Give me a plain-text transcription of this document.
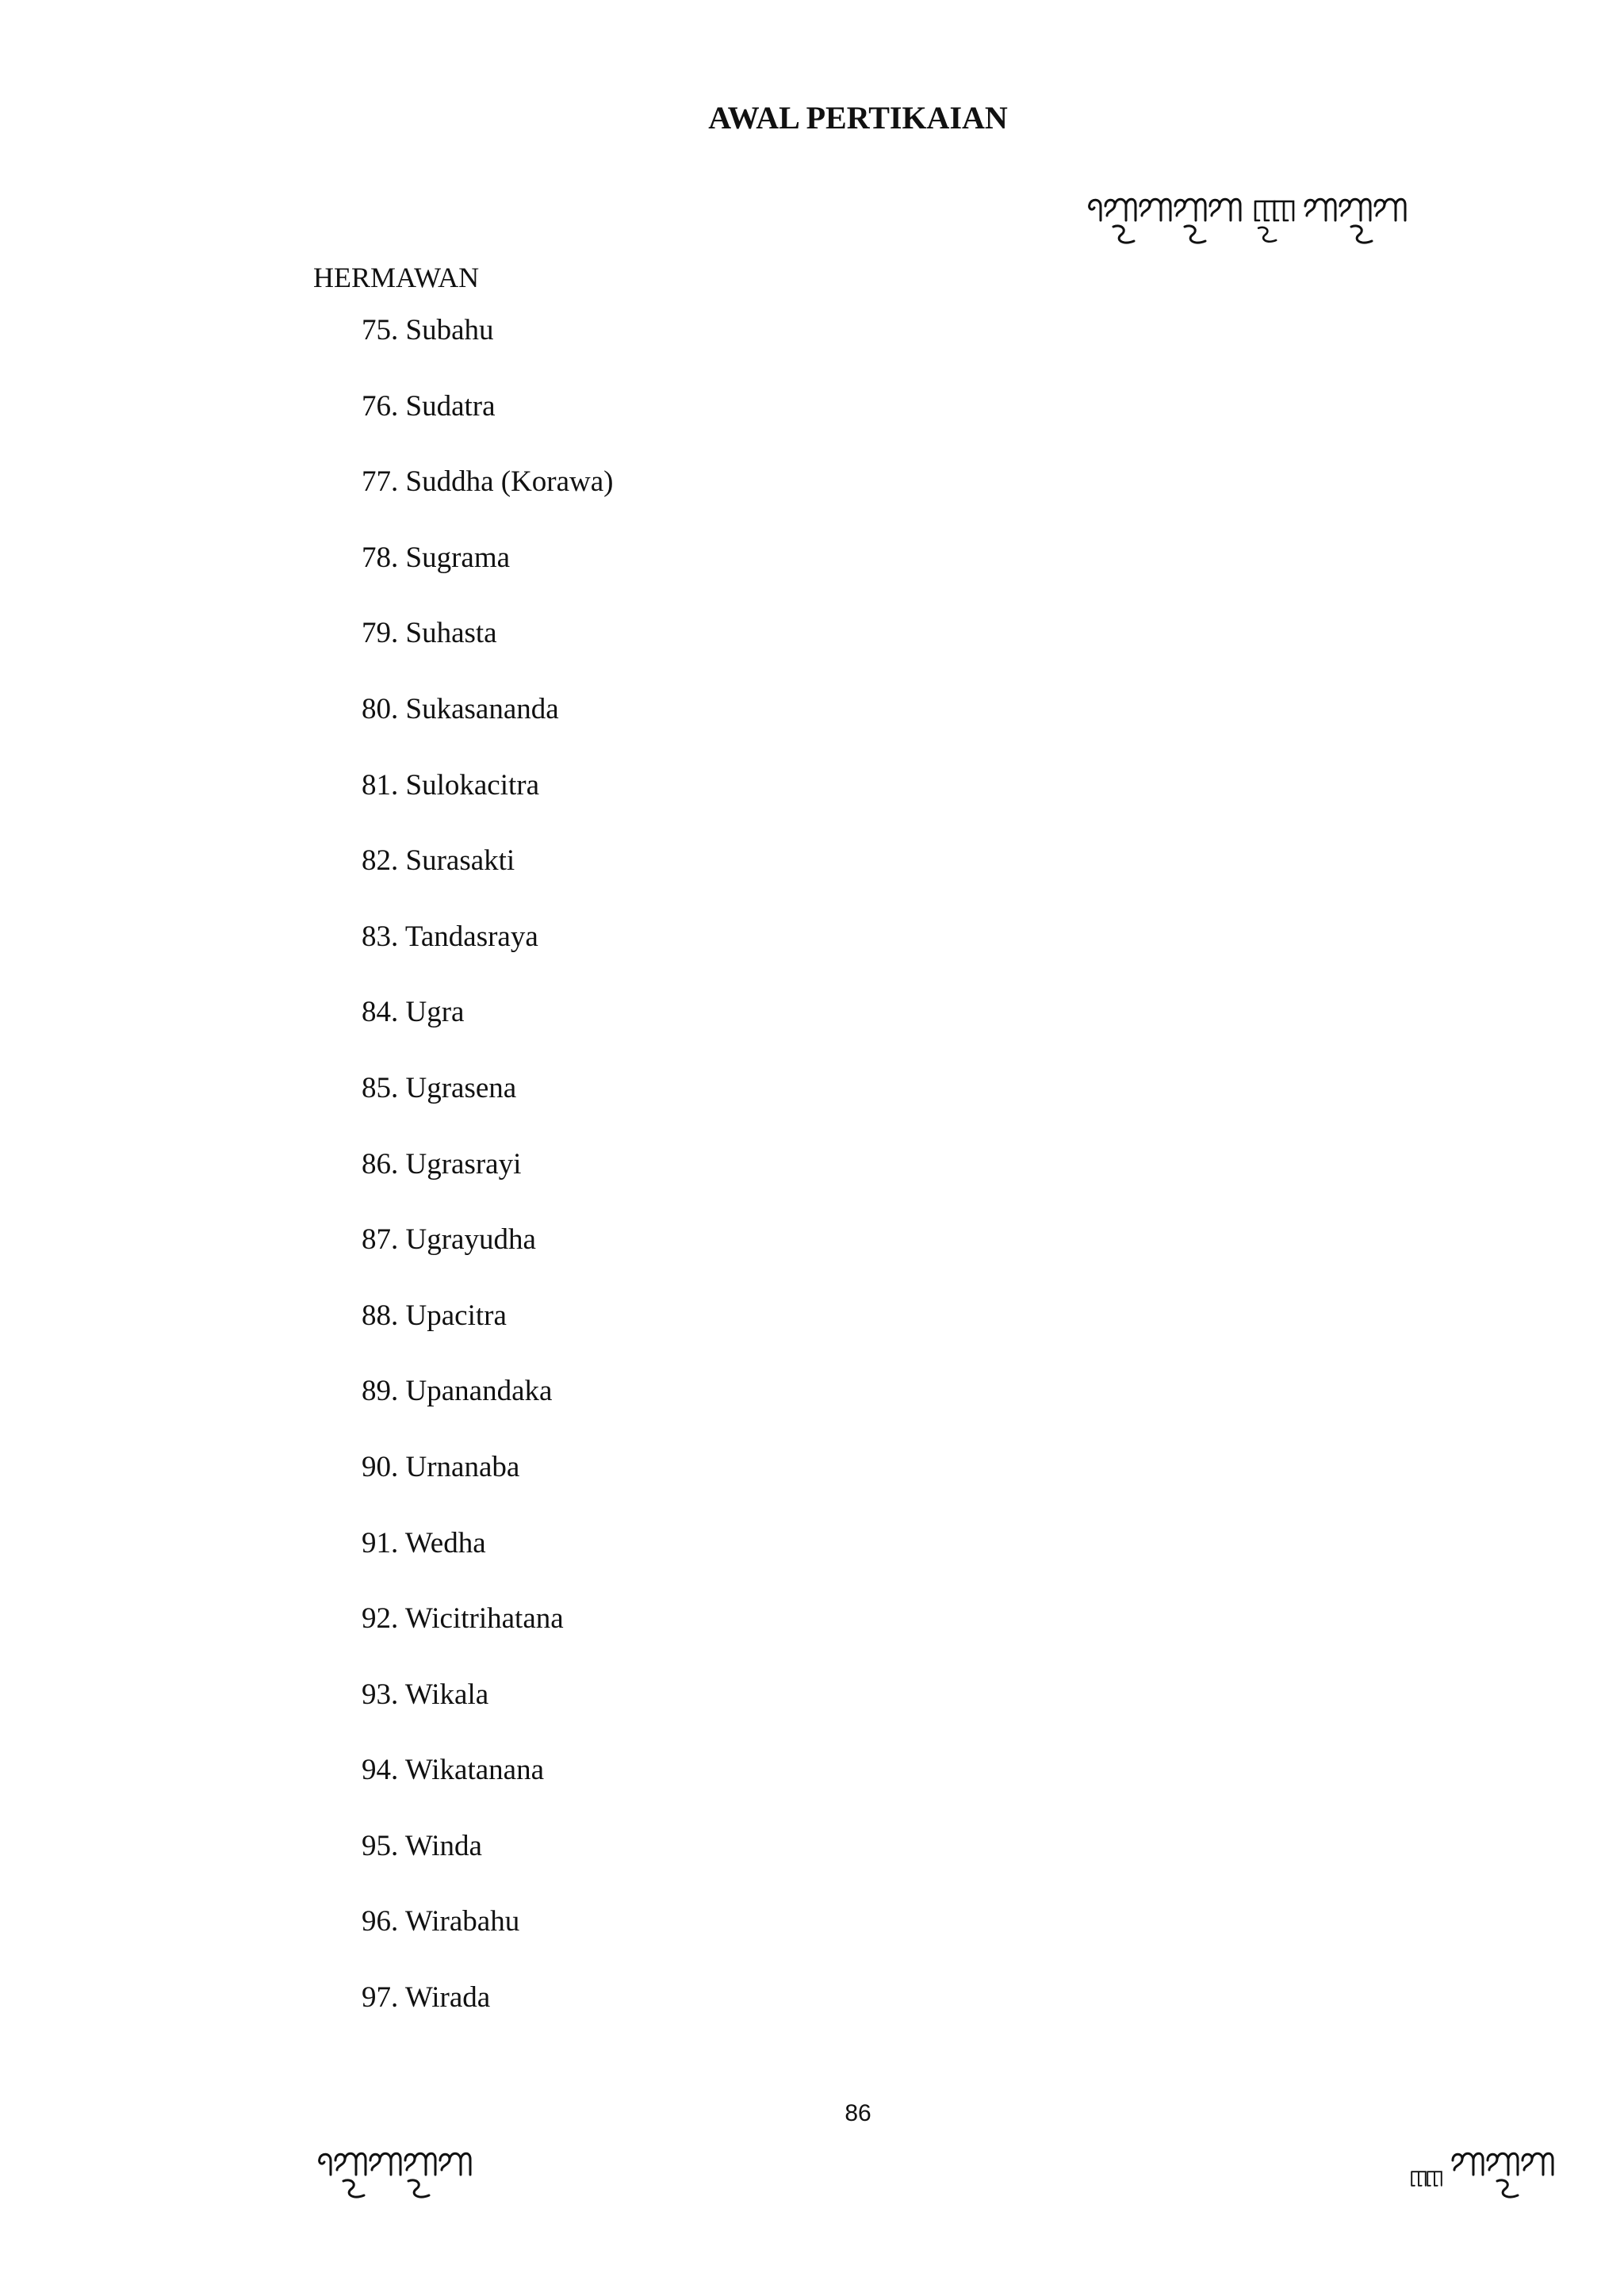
AWAL PERTIKAIAN

HERMAWAN

75. Subahu
76. Sudatra
77. Suddha (Korawa)
78. Sugrama
79. Suhasta
80. Sukasananda
81. Sulokacitra
82. Surasakti
83. Tandasraya
84. Ugra
85. Ugrasena
86. Ugrasrayi
87. Ugrayudha
88. Upacitra
89. Upanandaka
90. Urnanaba
91. Wedha
92. Wicitrihatana
93. Wikala
94. Wikatanana
95. Winda
96. Wirabahu
97. Wirada
86
